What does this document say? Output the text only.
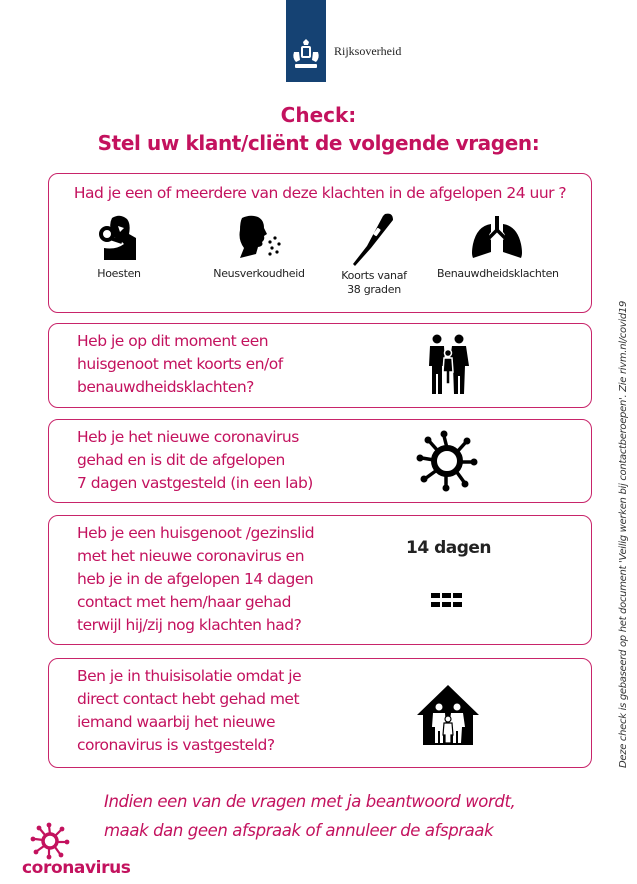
Rijksoverheid
Check:
Stel uw klant/cliënt de volgende vragen:
Had je een of meerdere van deze klachten in de afgelopen 24 uur ?
Hoesten	Neusverkoudheid	Koorts vanaf
38 graden
Benauwdheidsklachten
Heb je op dit moment een
huisgenoot met koorts en/of
benauwdheidsklachten?
Heb je het nieuwe coronavirus
gehad en is dit de afgelopen
7 dagen vastgesteld (in een lab)
Heb je een huisgenoot /gezinslid
met het nieuwe coronavirus en
heb je in de afgelopen 14 dagen
contact met hem/haar gehad
terwijl hij/zij nog klachten had?
14 dagen
Ben je in thuisisolatie omdat je
direct contact hebt gehad met
iemand waarbij het nieuwe
coronavirus is vastgesteld?
Indien een van de vragen met ja beantwoord wordt,
maak dan geen afspraak of annuleer de afspraak
coronavirus
Deze check is gebaseerd op het document 'Veilig werken bij contactberoepen'. Zie rivm.nl/covid19
